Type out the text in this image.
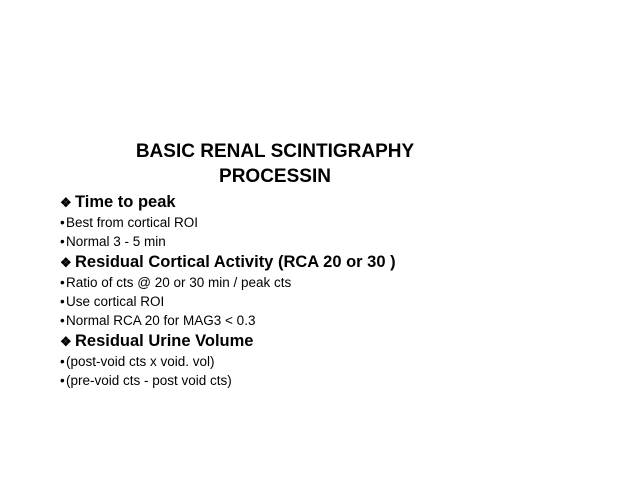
BASIC RENAL SCINTIGRAPHY
PROCESSIN
❖ Time to peak
•Best from cortical ROI
•Normal 3 - 5 min
❖ Residual Cortical Activity (RCA 20 or 30 )
•Ratio of cts @ 20 or 30 min / peak cts
•Use cortical ROI
•Normal RCA 20 for MAG3 < 0.3
❖ Residual Urine Volume
•(post-void cts x void. vol)
•(pre-void cts - post void cts)
